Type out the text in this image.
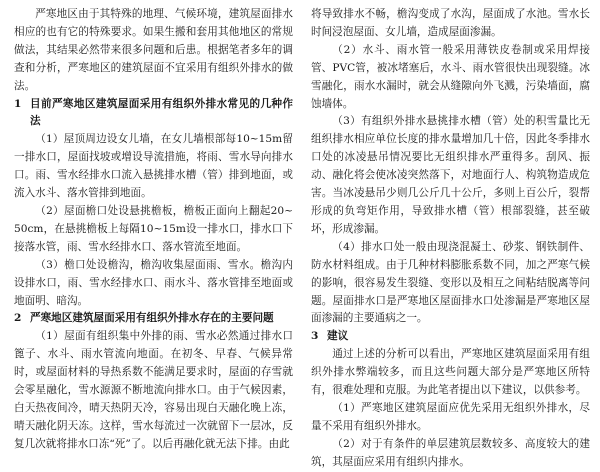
严寒地区由于其特殊的地理、气候环境，建筑屋面排水相应的也有它的特殊要求。如果生搬和套用其他地区的常规做法，其结果必然带来很多问题和后患。根据笔者多年的调查和分析，严寒地区的建筑屋面不宜采用有组织外排水的做法。

1 目前严寒地区建筑屋面采用有组织外排水常见的几种作法

（1）屋顶周边设女儿墙，在女儿墙根部每10~15m留一排水口，屋面找坡或增设导流措施，将雨、雪水导向排水口。雨、雪水经排水口流入悬挑排水槽（管）排到地面，或流入水斗、落水管排到地面。

（2）屋面檐口处设悬挑檐板，檐板正面向上翻起20~50cm，在悬挑檐板上每隔10~15m设一排水口，排水口下接落水管，雨、雪水经排水口、落水管流至地面。

（3）檐口处设檐沟，檐沟收集屋面雨、雪水。檐沟内设排水口，雨、雪水经排水口、雨水斗、落水管排至地面或地面明、暗沟。

2 严寒地区建筑屋面采用有组织外排水存在的主要问题

（1）屋面有组织集中外排的雨、雪水必然通过排水口篦子、水斗、雨水管流向地面。在初冬、早春、气候异常时，或屋面材料的导热系数不能满足要求时，屋面的存雪就会零星融化，雪水源源不断地流向排水口。由于气候因素，白天热夜间冷，晴天热阴天冷，容易出现白天融化晚上冻，晴天融化阴天冻。这样，雪水每流过一次就留下一层冰，反复几次就将排水口冻“死”了。以后再融化就无法下排。由此

将导致排水不畅，檐沟变成了水沟，屋面成了水池。雪水长时间浸泡屋面、女儿墙，造成屋面渗漏。

（2）水斗、雨水管一般采用薄铁皮卷制或采用焊接管、PVC管，被冰堵塞后，水斗、雨水管很快出现裂缝。冰雪融化，雨水水漏时，就会从缝隙向外飞溅，污染墙面，腐蚀墙体。

（3）有组织外排水悬挑排水槽（管）处的积雪量比无组织排水相应单位长度的排水量增加几十倍，因此冬季排水口处的冰凌悬吊情况要比无组织排水严重得多。刮风、振动、融化将会使冰凌突然落下，对地面行人、构筑物造成危害。当冰凌悬吊少则几公斤几十公斤，多则上百公斤，裂帮形成的负弯矩作用，导致排水槽（管）根部裂缝，甚至破坏，形成渗漏。

（4）排水口处一般由现浇混凝土、砂浆、钢铁制件、防水材料组成。由于几种材料膨胀系数不同，加之严寒气候的影响，很容易发生裂缝、变形以及相互之间粘结脱离等问题。屋面排水口是严寒地区屋面排水口处渗漏是严寒地区屋面渗漏的主要通病之一。

3 建议

通过上述的分析可以看出，严寒地区建筑屋面采用有组织外排水弊端较多，而且这些问题大部分是严寒地区所特有，很难处理和克服。为此笔者提出以下建议，以供参考。

（1）严寒地区建筑屋面应优先采用无组织外排水，尽量不采用有组织外排水。

（2）对于有条件的单层建筑层数较多、高度较大的建筑，其屋面应采用有组织内排水。
